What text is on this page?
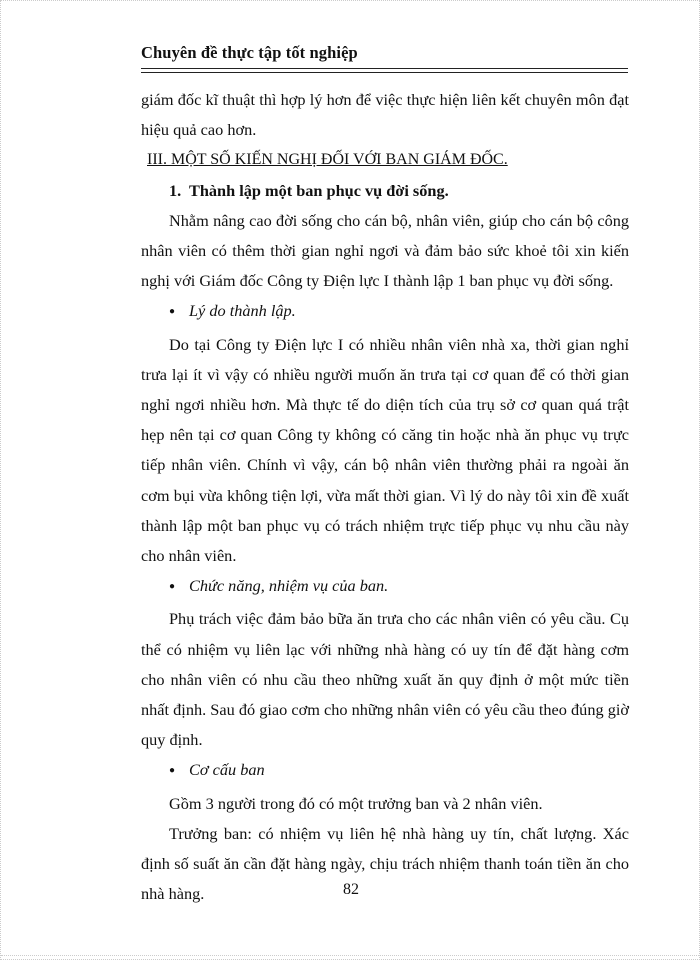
Chuyên đề thực tập tốt nghiệp

giám đốc kĩ thuật thì hợp lý hơn để việc thực hiện liên kết chuyên môn đạt hiệu quả cao hơn.

III. MỘT SỐ KIẾN NGHỊ ĐỐI VỚI BAN GIÁM ĐỐC.

1. Thành lập một ban phục vụ đời sống.

Nhằm nâng cao đời sống cho cán bộ, nhân viên, giúp cho cán bộ công nhân viên có thêm thời gian nghỉ ngơi và đảm bảo sức khoẻ tôi xin kiến nghị với Giám đốc Công ty Điện lực I thành lập 1 ban phục vụ đời sống.

● Lý do thành lập.

Do tại Công ty Điện lực I có nhiều nhân viên nhà xa, thời gian nghỉ trưa lại ít vì vậy có nhiều người muốn ăn trưa tại cơ quan để có thời gian nghỉ ngơi nhiều hơn. Mà thực tế do diện tích của trụ sở cơ quan quá trật hẹp nên tại cơ quan Công ty không có căng tin hoặc nhà ăn phục vụ trực tiếp nhân viên. Chính vì vậy, cán bộ nhân viên thường phải ra ngoài ăn cơm bụi vừa không tiện lợi, vừa mất thời gian. Vì lý do này tôi xin đề xuất thành lập một ban phục vụ có trách nhiệm trực tiếp phục vụ nhu cầu này cho nhân viên.

● Chức năng, nhiệm vụ của ban.

Phụ trách việc đảm bảo bữa ăn trưa cho các nhân viên có yêu cầu. Cụ thể có nhiệm vụ liên lạc với những nhà hàng có uy tín để đặt hàng cơm cho nhân viên có nhu cầu theo những xuất ăn quy định ở một mức tiền nhất định. Sau đó giao cơm cho những nhân viên có yêu cầu theo đúng giờ quy định.

● Cơ cấu ban

Gồm 3 người trong đó có một trưởng ban và 2 nhân viên.

Trưởng ban: có nhiệm vụ liên hệ nhà hàng uy tín, chất lượng. Xác định số suất ăn cần đặt hàng ngày, chịu trách nhiệm thanh toán tiền ăn cho nhà hàng.	82
